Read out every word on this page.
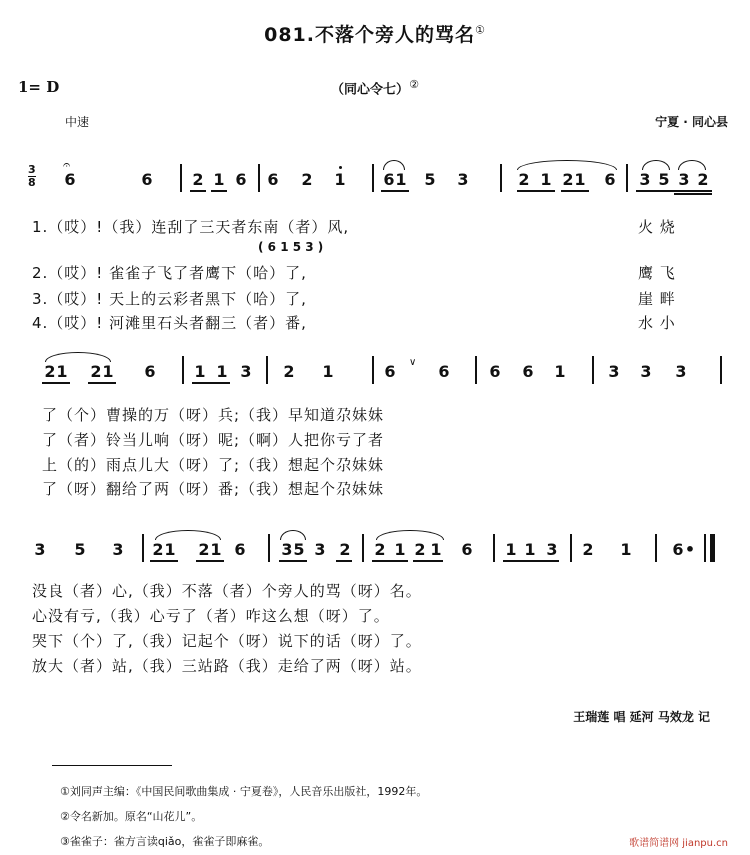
081.不落个旁人的骂名①
1= D	（同心令七）②
中速	宁夏 · 同心县
3
8
𝄐
6	6 2 1 6 6 2 1 6 1 5 3	2 1 2 1 6 3 5 3 2
1.（哎）!（我）连刮了三天者东南（者）风,
( 6 1 5 3 )
2.（哎）! 雀雀子飞了者鹰下（哈）了,
3.（哎）! 天上的云彩者黑下（哈）了,
4.（哎）! 河滩里石头者翻三（者）番,
火 烧
鹰 飞
崖 畔
水 小
2 1 2 1 6 1 1 3 2 1	6 ∨ 6 6 6 1	3 3 3
了（个）曹操的万（呀）兵;（我）早知道尕妹妹
了（者）铃当儿响（呀）呢;（啊）人把你亏了者
上（的）雨点儿大（呀）了;（我）想起个尕妹妹
了（呀）翻给了两（呀）番;（我）想起个尕妹妹
3 5 3 2 1 2 1 6 3 5 3 2 2 1 2 1 6 1 1 3 2 1	6 •
没良（者）心,（我）不落（者）个旁人的骂（呀）名。
心没有亏,（我）心亏了（者）咋这么想（呀）了。
哭下（个）了,（我）记起个（呀）说下的话（呀）了。
放大（者）站,（我）三站路（我）走给了两（呀）站。
王瑞莲 唱 延河 马效龙 记
①刘同声主编：《中国民间歌曲集成 · 宁夏卷》，人民音乐出版社，1992年。
②令名新加。原名“山花儿”。
③雀雀子：雀方言读qiǎo，雀雀子即麻雀。	歌谱简谱网 jianpu.cn
